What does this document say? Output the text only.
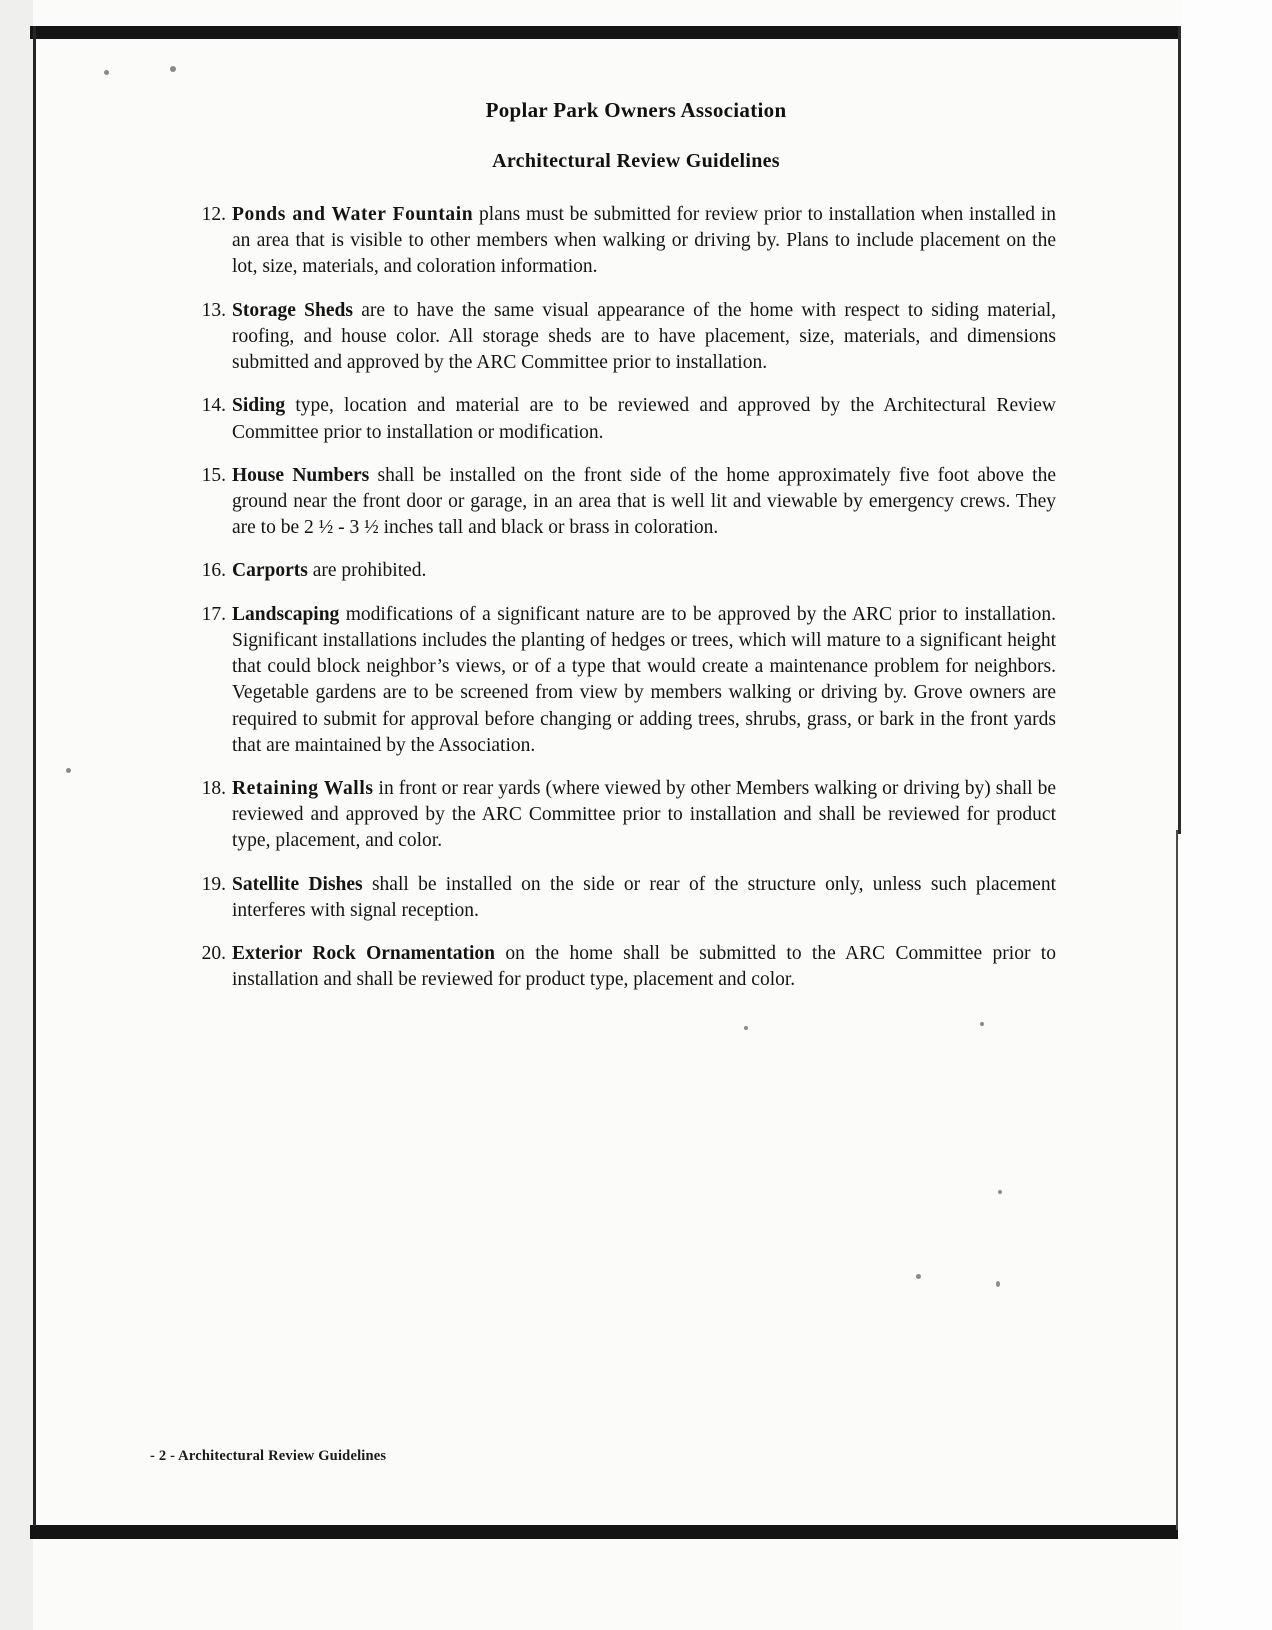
Poplar Park Owners Association
Architectural Review Guidelines
12. Ponds and Water Fountain plans must be submitted for review prior to installation when installed in an area that is visible to other members when walking or driving by. Plans to include placement on the lot, size, materials, and coloration information.
13. Storage Sheds are to have the same visual appearance of the home with respect to siding material, roofing, and house color. All storage sheds are to have placement, size, materials, and dimensions submitted and approved by the ARC Committee prior to installation.
14. Siding type, location and material are to be reviewed and approved by the Architectural Review Committee prior to installation or modification.
15. House Numbers shall be installed on the front side of the home approximately five foot above the ground near the front door or garage, in an area that is well lit and viewable by emergency crews. They are to be 2 ½ - 3 ½ inches tall and black or brass in coloration.
16. Carports are prohibited.
17. Landscaping modifications of a significant nature are to be approved by the ARC prior to installation. Significant installations includes the planting of hedges or trees, which will mature to a significant height that could block neighbor’s views, or of a type that would create a maintenance problem for neighbors. Vegetable gardens are to be screened from view by members walking or driving by. Grove owners are required to submit for approval before changing or adding trees, shrubs, grass, or bark in the front yards that are maintained by the Association.
18. Retaining Walls in front or rear yards (where viewed by other Members walking or driving by) shall be reviewed and approved by the ARC Committee prior to installation and shall be reviewed for product type, placement, and color.
19. Satellite Dishes shall be installed on the side or rear of the structure only, unless such placement interferes with signal reception.
20. Exterior Rock Ornamentation on the home shall be submitted to the ARC Committee prior to installation and shall be reviewed for product type, placement and color.
- 2 - Architectural Review Guidelines
